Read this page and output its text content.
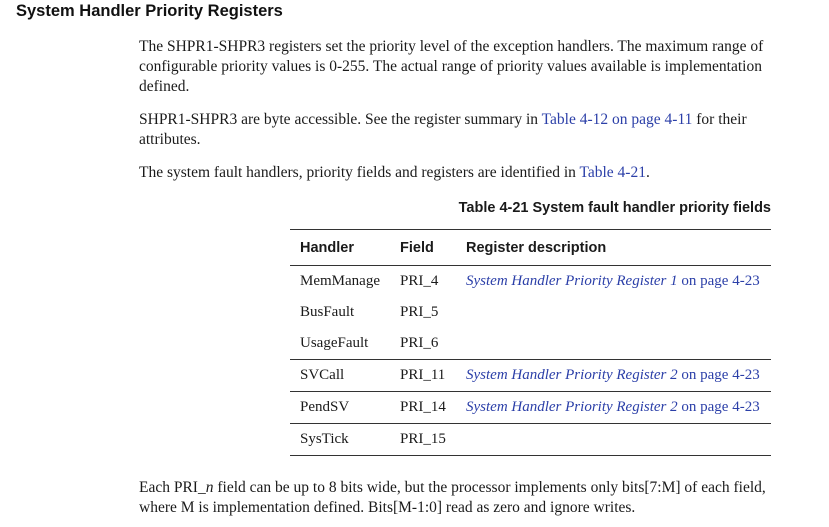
System Handler Priority Registers

The SHPR1-SHPR3 registers set the priority level of the exception handlers. The maximum range of configurable priority values is 0-255. The actual range of priority values available is implementation defined.

SHPR1-SHPR3 are byte accessible. See the register summary in Table 4-12 on page 4-11 for their attributes.

The system fault handlers, priority fields and registers are identified in Table 4-21.

Table 4-21 System fault handler priority fields
Handler	Field	Register description
MemManage	PRI_4	System Handler Priority Register 1 on page 4-23
BusFault	PRI_5	
UsageFault	PRI_6	
SVCall	PRI_11	System Handler Priority Register 2 on page 4-23
PendSV	PRI_14	System Handler Priority Register 2 on page 4-23
SysTick	PRI_15	

Each PRI_n field can be up to 8 bits wide, but the processor implements only bits[7:M] of each field, where M is implementation defined. Bits[M-1:0] read as zero and ignore writes.
